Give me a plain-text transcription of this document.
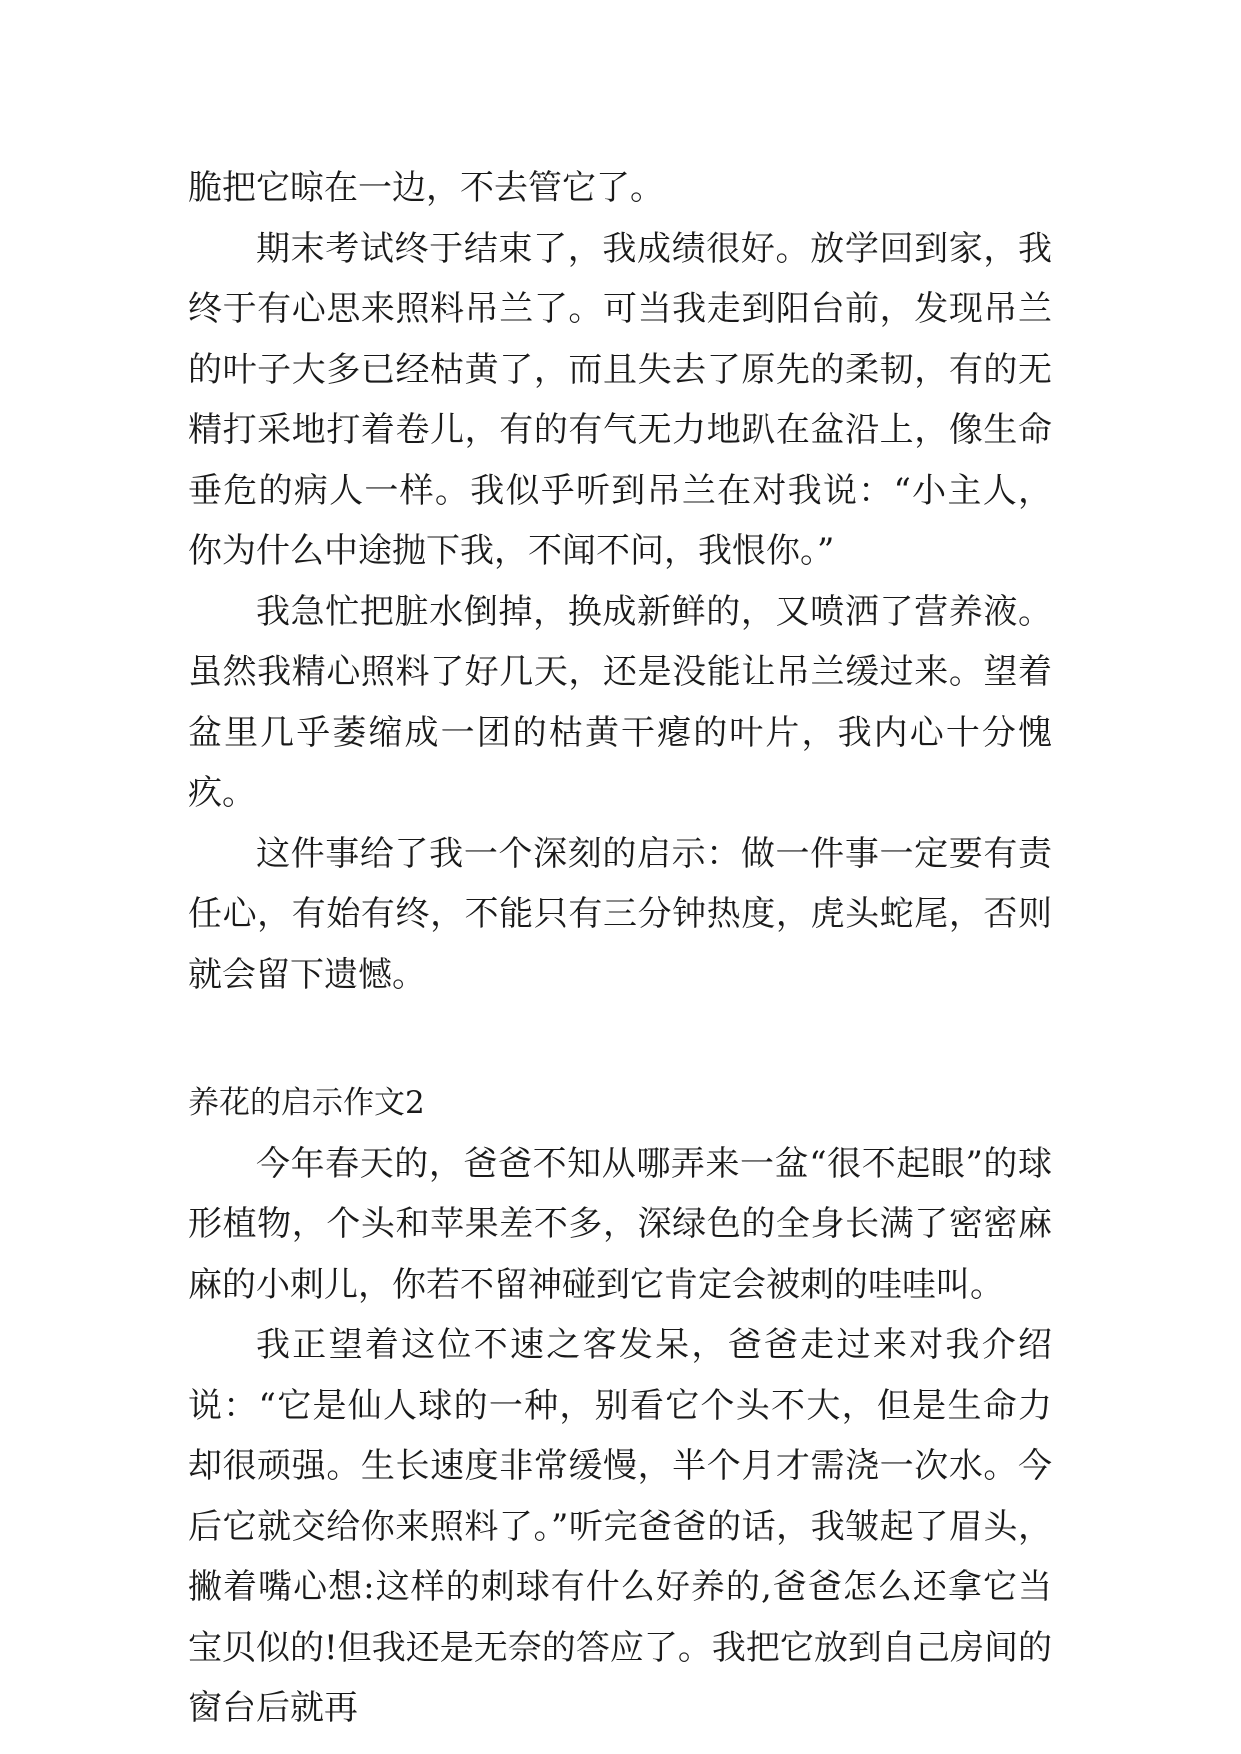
脆把它晾在一边，不去管它了。

期末考试终于结束了，我成绩很好。放学回到家，我终于有心思来照料吊兰了。可当我走到阳台前，发现吊兰的叶子大多已经枯黄了，而且失去了原先的柔韧，有的无精打采地打着卷儿，有的有气无力地趴在盆沿上，像生命垂危的病人一样。我似乎听到吊兰在对我说：“小主人，你为什么中途抛下我，不闻不问，我恨你。”

我急忙把脏水倒掉，换成新鲜的，又喷洒了营养液。虽然我精心照料了好几天，还是没能让吊兰缓过来。望着盆里几乎萎缩成一团的枯黄干瘪的叶片，我内心十分愧疚。

这件事给了我一个深刻的启示：做一件事一定要有责任心，有始有终，不能只有三分钟热度，虎头蛇尾，否则就会留下遗憾。

养花的启示作文2

今年春天的，爸爸不知从哪弄来一盆“很不起眼”的球形植物，个头和苹果差不多，深绿色的全身长满了密密麻麻的小刺儿，你若不留神碰到它肯定会被刺的哇哇叫。

我正望着这位不速之客发呆，爸爸走过来对我介绍说：“它是仙人球的一种，别看它个头不大，但是生命力却很顽强。生长速度非常缓慢，半个月才需浇一次水。今后它就交给你来照料了。”听完爸爸的话，我皱起了眉头，撇着嘴心想:这样的刺球有什么好养的,爸爸怎么还拿它当宝贝似的!但我还是无奈的答应了。我把它放到自己房间的窗台后就再
